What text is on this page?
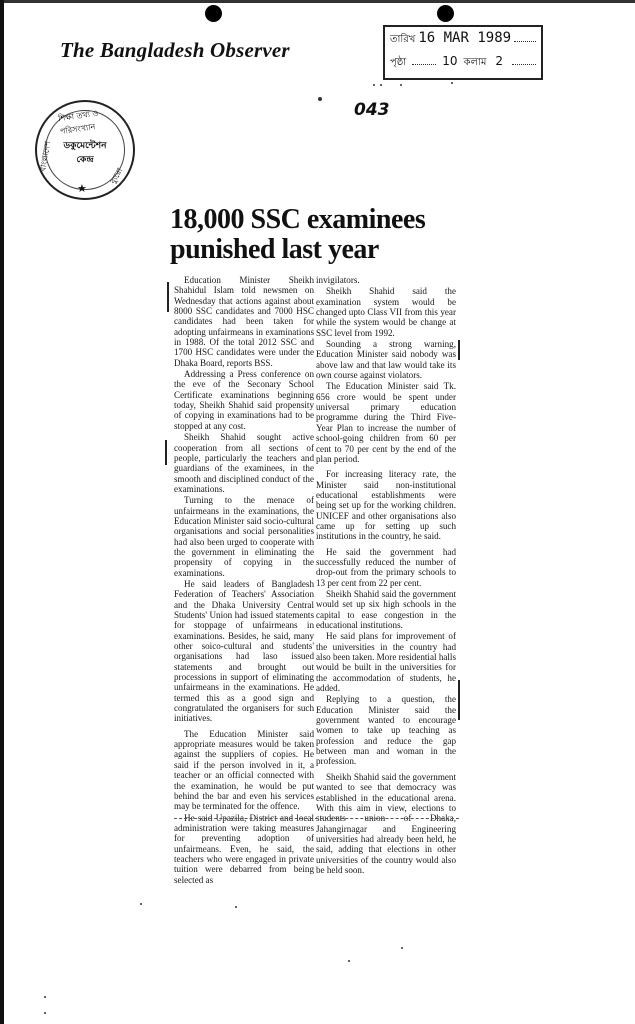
The Bangladesh Observer	তারিখ 16 MAR 1989
পৃষ্ঠা	10 কলাম 2
043
শিক্ষা তথ্য ও পরিসংখ্যান
বাংলাদেশ
ব্যুরো
ডকুমেন্টেশন
কেন্দ্র
★
18,000 SSC examinees
punished last year

Education Minister Sheikh Shahidul Islam told newsmen on Wednesday that actions against about 8000 SSC candidates and 7000 HSC candidates had been taken for adopting unfairmeans in examinations in 1988. Of the total 2012 SSC and 1700 HSC candidates were under the Dhaka Board, reports BSS.

Addressing a Press conference on the eve of the Seconary School Certificate examinations beginning today, Sheikh Shahid said propensity of copying in examinations had to be stopped at any cost.

Sheikh Shahid sought active cooperation from all sections of people, particularly the teachers and guardians of the examinees, in the smooth and disciplined conduct of the examinations.

Turning to the menace of unfairmeans in the examinations, the Education Minister said socio-cultural organisations and social personalities had also been urged to cooperate with the government in eliminating the propensity of copying in the examinations.

He said leaders of Bangladesh Federation of Teachers' Association and the Dhaka University Central Students' Union had issued statements for stoppage of unfairmeans in examinations. Besides, he said, many other soico-cultural and students' organisations had laso issued statements and brought out processions in support of eliminating unfairmeans in the examinations. He termed this as a good sign and congratulated the organisers for such initiatives.

The Education Minister said appropriate measures would be taken against the suppliers of copies. He said if the person involved in it, a teacher or an official connected with the examination, he would be put behind the bar and even his services may be terminated for the offence.

He said Upazila, District and local administration were taking measures for preventing adoption of unfairmeans. Even, he said, the teachers who were engaged in private tuition were debarred from being selected as

invigilators.

Sheikh Shahid said the examination system would be changed upto Class VII from this year while the system would be change at SSC level from 1992.

Sounding a strong warning, Education Minister said nobody was above law and that law would take its own course against violators.

The Education Minister said Tk. 656 crore would be spent under universal primary education programme during the Third Five-Year Plan to increase the number of school-going children from 60 per cent to 70 per cent by the end of the plan period.

For increasing literacy rate, the Minister said non-institutional educational establishments were being set up for the working children. UNICEF and other organisations also came up for setting up such institutions in the country, he said.

He said the government had successfully reduced the number of drop-out from the primary schools to 13 per cent from 22 per cent.

Sheikh Shahid said the government would set up six high schools in the capital to ease congestion in the educational institutions.

He said plans for improvement of the universities in the country had also been taken. More residential halls would be built in the universities for the accommodation of students, he added.

Replying to a question, the Education Minister said the government wanted to encourage women to take up teaching as profession and reduce the gap between man and woman in the profession.

Sheikh Shahid said the government wanted to see that democracy was established in the educational arena. With this aim in view, elections to students union of Dhaka, Jahangirnagar and Engineering universities had already been held, he said, adding that elections in other universities of the country would also be held soon.
